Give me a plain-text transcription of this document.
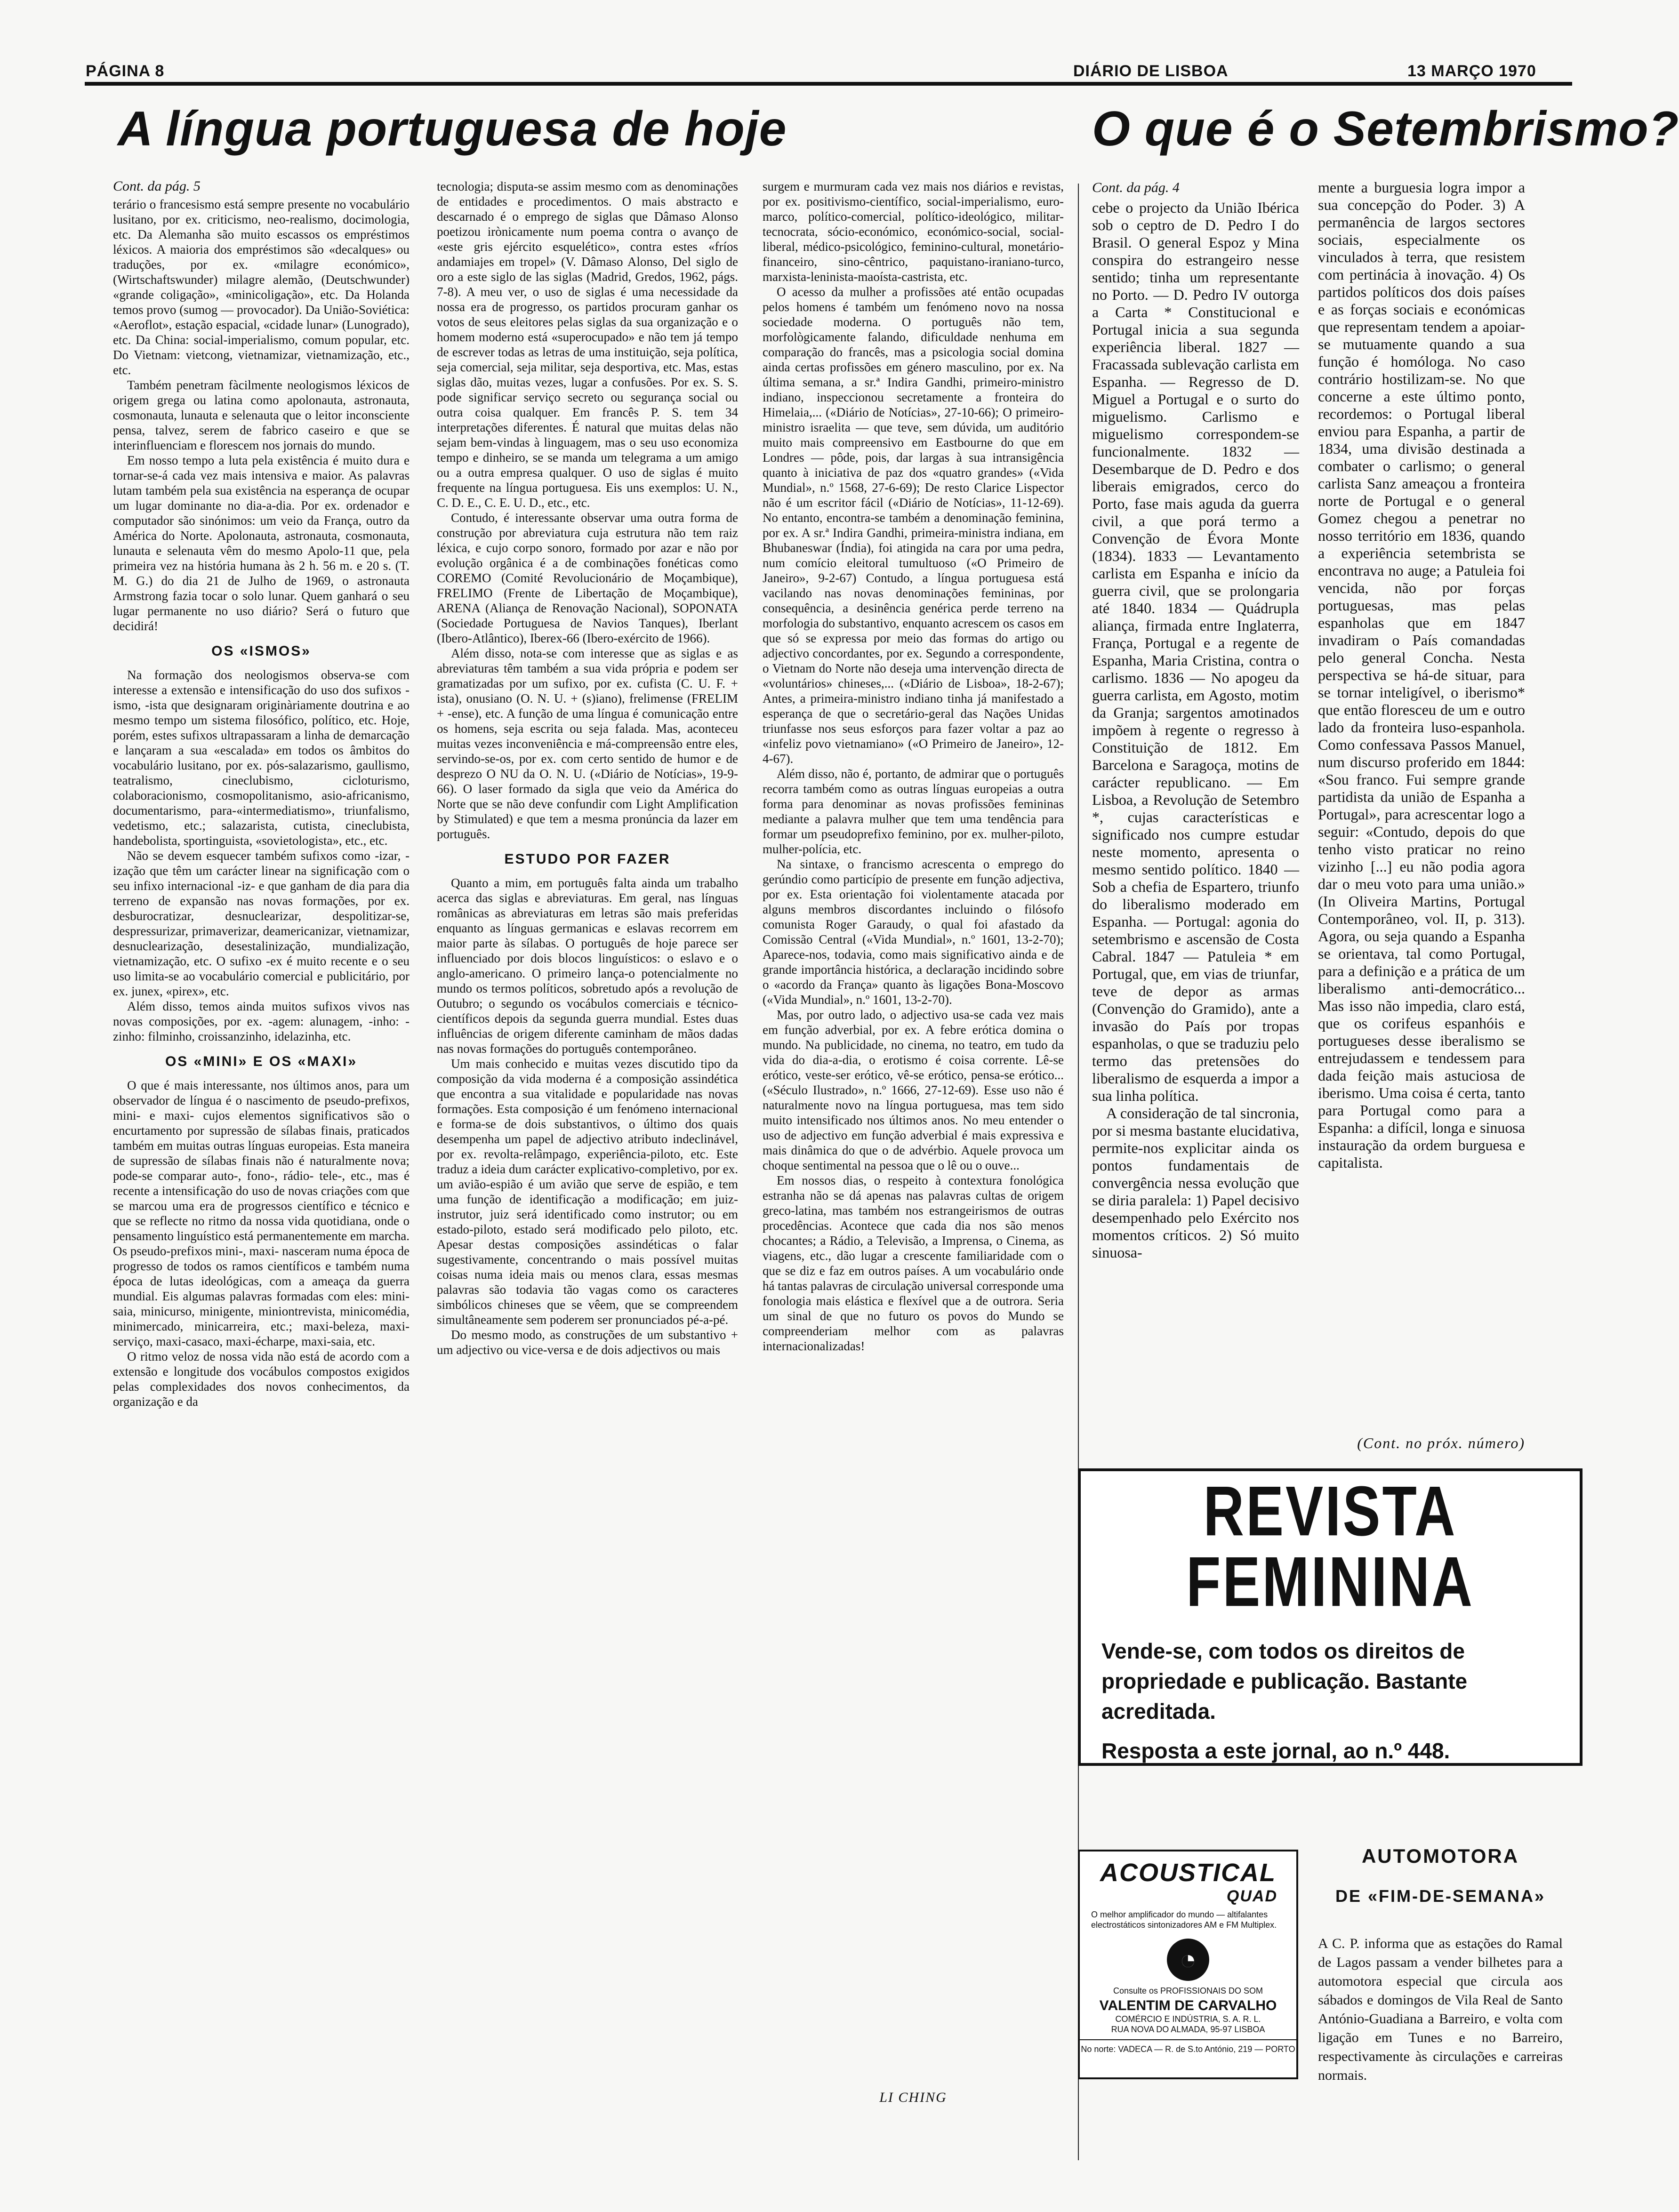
PÁGINA 8	DIÁRIO DE LISBOA	13 MARÇO 1970
A língua portuguesa de hoje	O que é o Setembrismo?
Cont. da pág. 5

terário o francesismo está sempre presente no vocabulário lusitano, por ex. criticismo, neo-realismo, docimologia, etc. Da Alemanha são muito escassos os empréstimos léxicos. A maioria dos empréstimos são «decalques» ou traduções, por ex. «milagre económico», (Wirtschaftswunder) milagre alemão, (Deutschwunder) «grande coligação», «minicoligação», etc. Da Holanda temos provo (sumog — provocador). Da União-Soviética: «Aeroflot», estação espacial, «cidade lunar» (Lunogrado), etc. Da China: social-imperialismo, comum popular, etc. Do Vietnam: vietcong, vietnamizar, vietnamização, etc., etc.

Também penetram fàcilmente neologismos léxicos de origem grega ou latina como apolonauta, astronauta, cosmonauta, lunauta e selenauta que o leitor inconsciente pensa, talvez, serem de fabrico caseiro e que se interinfluenciam e florescem nos jornais do mundo.

Em nosso tempo a luta pela existência é muito dura e tornar-se-á cada vez mais intensiva e maior. As palavras lutam também pela sua existência na esperança de ocupar um lugar dominante no dia-a-dia. Por ex. ordenador e computador são sinónimos: um veio da França, outro da América do Norte. Apolonauta, astronauta, cosmonauta, lunauta e selenauta vêm do mesmo Apolo-11 que, pela primeira vez na história humana às 2 h. 56 m. e 20 s. (T. M. G.) do dia 21 de Julho de 1969, o astronauta Armstrong fazia tocar o solo lunar. Quem ganhará o seu lugar permanente no uso diário? Será o futuro que decidirá!

OS «ISMOS»

Na formação dos neologismos observa-se com interesse a extensão e intensificação do uso dos sufixos -ismo, -ista que designaram originàriamente doutrina e ao mesmo tempo um sistema filosófico, político, etc. Hoje, porém, estes sufixos ultrapassaram a linha de demarcação e lançaram a sua «escalada» em todos os âmbitos do vocabulário lusitano, por ex. pós-salazarismo, gaullismo, teatralismo, cineclubismo, cicloturismo, colaboracionismo, cosmopolitanismo, asio-africanismo, documentarismo, para-«intermediatismo», triunfalismo, vedetismo, etc.; salazarista, cutista, cineclubista, handebolista, sportinguista, «sovietologista», etc., etc.

Não se devem esquecer também sufixos como -izar, -ização que têm um carácter linear na significação com o seu infixo internacional -iz- e que ganham de dia para dia terreno de expansão nas novas formações, por ex. desburocratizar, desnuclearizar, despolitizar-se, despressurizar, primaverizar, deamericanizar, vietnamizar, desnuclearização, desestalinização, mundialização, vietnamização, etc. O sufixo -ex é muito recente e o seu uso limita-se ao vocabulário comercial e publicitário, por ex. junex, «pirex», etc.

Além disso, temos ainda muitos sufixos vivos nas novas composições, por ex. -agem: alunagem, -inho: -zinho: filminho, croissanzinho, idelazinha, etc.

OS «MINI» E OS «MAXI»

O que é mais interessante, nos últimos anos, para um observador de língua é o nascimento de pseudo-prefixos, mini- e maxi- cujos elementos significativos são o encurtamento por supressão de sílabas finais, praticados também em muitas outras línguas europeias. Esta maneira de supressão de sílabas finais não é naturalmente nova; pode-se comparar auto-, fono-, rádio- tele-, etc., mas é recente a intensificação do uso de novas criações com que se marcou uma era de progressos científico e técnico e que se reflecte no ritmo da nossa vida quotidiana, onde o pensamento linguístico está permanentemente em marcha. Os pseudo-prefixos mini-, maxi- nasceram numa época de progresso de todos os ramos científicos e também numa época de lutas ideológicas, com a ameaça da guerra mundial. Eis algumas palavras formadas com eles: mini-saia, minicurso, minigente, miniontrevista, minicomédia, minimercado, minicarreira, etc.; maxi-beleza, maxi-serviço, maxi-casaco, maxi-écharpe, maxi-saia, etc.

O ritmo veloz de nossa vida não está de acordo com a extensão e longitude dos vocábulos compostos exigidos pelas complexidades dos novos conhecimentos, da organização e da

tecnologia; disputa-se assim mesmo com as denominações de entidades e procedimentos. O mais abstracto e descarnado é o emprego de siglas que Dâmaso Alonso poetizou irònicamente num poema contra o avanço de «este gris ejército esquelético», contra estes «fríos andamiajes em tropel» (V. Dâmaso Alonso, Del siglo de oro a este siglo de las siglas (Madrid, Gredos, 1962, págs. 7-8). A meu ver, o uso de siglas é uma necessidade da nossa era de progresso, os partidos procuram ganhar os votos de seus eleitores pelas siglas da sua organização e o homem moderno está «superocupado» e não tem já tempo de escrever todas as letras de uma instituição, seja política, seja comercial, seja militar, seja desportiva, etc. Mas, estas siglas dão, muitas vezes, lugar a confusões. Por ex. S. S. pode significar serviço secreto ou segurança social ou outra coisa qualquer. Em francês P. S. tem 34 interpretações diferentes. É natural que muitas delas não sejam bem-vindas à linguagem, mas o seu uso economiza tempo e dinheiro, se se manda um telegrama a um amigo ou a outra empresa qualquer. O uso de siglas é muito frequente na língua portuguesa. Eis uns exemplos: U. N., C. D. E., C. E. U. D., etc., etc.

Contudo, é interessante observar uma outra forma de construção por abreviatura cuja estrutura não tem raiz léxica, e cujo corpo sonoro, formado por azar e não por evolução orgânica é a de combinações fonéticas como COREMO (Comité Revolucionário de Moçambique), FRELIMO (Frente de Libertação de Moçambique), ARENA (Aliança de Renovação Nacional), SOPONATA (Sociedade Portuguesa de Navios Tanques), Iberlant (Ibero-Atlântico), Iberex-66 (Ibero-exército de 1966).

Além disso, nota-se com interesse que as siglas e as abreviaturas têm também a sua vida própria e podem ser gramatizadas por um sufixo, por ex. cufista (C. U. F. + ista), onusiano (O. N. U. + (s)iano), frelimense (FRELIM + -ense), etc. A função de uma língua é comunicação entre os homens, seja escrita ou seja falada. Mas, aconteceu muitas vezes inconveniência e má-compreensão entre eles, servindo-se-os, por ex. com certo sentido de humor e de desprezo O NU da O. N. U. («Diário de Notícias», 19-9-66). O laser formado da sigla que veio da América do Norte que se não deve confundir com Light Amplification by Stimulated) e que tem a mesma pronúncia da lazer em português.

ESTUDO POR FAZER

Quanto a mim, em português falta ainda um trabalho acerca das siglas e abreviaturas. Em geral, nas línguas românicas as abreviaturas em letras são mais preferidas enquanto as línguas germanicas e eslavas recorrem em maior parte às sílabas. O português de hoje parece ser influenciado por dois blocos linguísticos: o eslavo e o anglo-americano. O primeiro lança-o potencialmente no mundo os termos políticos, sobretudo após a revolução de Outubro; o segundo os vocábulos comerciais e técnico-científicos depois da segunda guerra mundial. Estes duas influências de origem diferente caminham de mãos dadas nas novas formações do português contemporâneo.

Um mais conhecido e muitas vezes discutido tipo da composição da vida moderna é a composição assindética que encontra a sua vitalidade e popularidade nas novas formações. Esta composição é um fenómeno internacional e forma-se de dois substantivos, o último dos quais desempenha um papel de adjectivo atributo indeclinável, por ex. revolta-relâmpago, experiência-piloto, etc. Este traduz a ideia dum carácter explicativo-completivo, por ex. um avião-espião é um avião que serve de espião, e tem uma função de identificação a modificação; em juiz-instrutor, juiz será identificado como instrutor; ou em estado-piloto, estado será modificado pelo piloto, etc. Apesar destas composições assindéticas o falar sugestivamente, concentrando o mais possível muitas coisas numa ideia mais ou menos clara, essas mesmas palavras são todavia tão vagas como os caracteres simbólicos chineses que se vêem, que se compreendem simultâneamente sem poderem ser pronunciados pé-a-pé.

Do mesmo modo, as construções de um substantivo + um adjectivo ou vice-versa e de dois adjectivos ou mais

surgem e murmuram cada vez mais nos diários e revistas, por ex. positivismo-científico, social-imperialismo, euro-marco, político-comercial, político-ideológico, militar-tecnocrata, sócio-económico, económico-social, social-liberal, médico-psicológico, feminino-cultural, monetário-financeiro, sino-cêntrico, paquistano-iraniano-turco, marxista-leninista-maoísta-castrista, etc.

O acesso da mulher a profissões até então ocupadas pelos homens é também um fenómeno novo na nossa sociedade moderna. O português não tem, morfològicamente falando, dificuldade nenhuma em comparação do francês, mas a psicologia social domina ainda certas profissões em género masculino, por ex. Na última semana, a sr.ª Indira Gandhi, primeiro-ministro indiano, inspeccionou secretamente a fronteira do Himelaia,... («Diário de Notícias», 27-10-66); O primeiro-ministro israelita — que teve, sem dúvida, um auditório muito mais compreensivo em Eastbourne do que em Londres — pôde, pois, dar largas à sua intransigência quanto à iniciativa de paz dos «quatro grandes» («Vida Mundial», n.º 1568, 27-6-69); De resto Clarice Lispector não é um escritor fácil («Diário de Notícias», 11-12-69). No entanto, encontra-se também a denominação feminina, por ex. A sr.ª Indira Gandhi, primeira-ministra indiana, em Bhubaneswar (Índia), foi atingida na cara por uma pedra, num comício eleitoral tumultuoso («O Primeiro de Janeiro», 9-2-67) Contudo, a língua portuguesa está vacilando nas novas denominações femininas, por consequência, a desinência genérica perde terreno na morfologia do substantivo, enquanto acrescem os casos em que só se expressa por meio das formas do artigo ou adjectivo concordantes, por ex. Segundo a correspondente, o Vietnam do Norte não deseja uma intervenção directa de «voluntários» chineses,... («Diário de Lisboa», 18-2-67); Antes, a primeira-ministro indiano tinha já manifestado a esperança de que o secretário-geral das Nações Unidas triunfasse nos seus esforços para fazer voltar a paz ao «infeliz povo vietnamiano» («O Primeiro de Janeiro», 12-4-67).

Além disso, não é, portanto, de admirar que o português recorra também como as outras línguas europeias a outra forma para denominar as novas profissões femininas mediante a palavra mulher que tem uma tendência para formar um pseudoprefixo feminino, por ex. mulher-piloto, mulher-polícia, etc.

Na sintaxe, o francismo acrescenta o emprego do gerúndio como particípio de presente em função adjectiva, por ex. Esta orientação foi violentamente atacada por alguns membros discordantes incluindo o filósofo comunista Roger Garaudy, o qual foi afastado da Comissão Central («Vida Mundial», n.º 1601, 13-2-70); Aparece-nos, todavia, como mais significativo ainda e de grande importância histórica, a declaração incidindo sobre o «acordo da França» quanto às ligações Bona-Moscovo («Vida Mundial», n.º 1601, 13-2-70).

Mas, por outro lado, o adjectivo usa-se cada vez mais em função adverbial, por ex. A febre erótica domina o mundo. Na publicidade, no cinema, no teatro, em tudo da vida do dia-a-dia, o erotismo é coisa corrente. Lê-se erótico, veste-ser erótico, vê-se erótico, pensa-se erótico... («Século Ilustrado», n.º 1666, 27-12-69). Esse uso não é naturalmente novo na língua portuguesa, mas tem sido muito intensificado nos últimos anos. No meu entender o uso de adjectivo em função adverbial é mais expressiva e mais dinâmica do que o de advérbio. Aquele provoca um choque sentimental na pessoa que o lê ou o ouve...

Em nossos dias, o respeito à contextura fonológica estranha não se dá apenas nas palavras cultas de origem greco-latina, mas também nos estrangeirismos de outras procedências. Acontece que cada dia nos são menos chocantes; a Rádio, a Televisão, a Imprensa, o Cinema, as viagens, etc., dão lugar a crescente familiaridade com o que se diz e faz em outros países. A um vocabulário onde há tantas palavras de circulação universal corresponde uma fonologia mais elástica e flexível que a de outrora. Seria um sinal de que no futuro os povos do Mundo se compreenderiam melhor com as palavras internacionalizadas!

LI CHING
Cont. da pág. 4

cebe o projecto da União Ibérica sob o ceptro de D. Pedro I do Brasil. O general Espoz y Mina conspira do estrangeiro nesse sentido; tinha um representante no Porto. — D. Pedro IV outorga a Carta * Constitucional e Portugal inicia a sua segunda experiência liberal. 1827 — Fracassada sublevação carlista em Espanha. — Regresso de D. Miguel a Portugal e o surto do miguelismo. Carlismo e miguelismo correspondem-se funcionalmente. 1832 — Desembarque de D. Pedro e dos liberais emigrados, cerco do Porto, fase mais aguda da guerra civil, a que porá termo a Convenção de Évora Monte (1834). 1833 — Levantamento carlista em Espanha e início da guerra civil, que se prolongaria até 1840. 1834 — Quádrupla aliança, firmada entre Inglaterra, França, Portugal e a regente de Espanha, Maria Cristina, contra o carlismo. 1836 — No apogeu da guerra carlista, em Agosto, motim da Granja; sargentos amotinados impõem à regente o regresso à Constituição de 1812. Em Barcelona e Saragoça, motins de carácter republicano. — Em Lisboa, a Revolução de Setembro *, cujas características e significado nos cumpre estudar neste momento, apresenta o mesmo sentido político. 1840 — Sob a chefia de Espartero, triunfo do liberalismo moderado em Espanha. — Portugal: agonia do setembrismo e ascensão de Costa Cabral. 1847 — Patuleia * em Portugal, que, em vias de triunfar, teve de depor as armas (Convenção do Gramido), ante a invasão do País por tropas espanholas, o que se traduziu pelo termo das pretensões do liberalismo de esquerda a impor a sua linha política.

A consideração de tal sincronia, por si mesma bastante elucidativa, permite-nos explicitar ainda os pontos fundamentais de convergência nessa evolução que se diria paralela: 1) Papel decisivo desempenhado pelo Exército nos momentos críticos. 2) Só muito sinuosa-

mente a burguesia logra impor a sua concepção do Poder. 3) A permanência de largos sectores sociais, especialmente os vinculados à terra, que resistem com pertinácia à inovação. 4) Os partidos políticos dos dois países e as forças sociais e económicas que representam tendem a apoiar-se mutuamente quando a sua função é homóloga. No caso contrário hostilizam-se. No que concerne a este último ponto, recordemos: o Portugal liberal enviou para Espanha, a partir de 1834, uma divisão destinada a combater o carlismo; o general carlista Sanz ameaçou a fronteira norte de Portugal e o general Gomez chegou a penetrar no nosso território em 1836, quando a experiência setembrista se encontrava no auge; a Patuleia foi vencida, não por forças portuguesas, mas pelas espanholas que em 1847 invadiram o País comandadas pelo general Concha. Nesta perspectiva se há-de situar, para se tornar inteligível, o iberismo* que então floresceu de um e outro lado da fronteira luso-espanhola. Como confessava Passos Manuel, num discurso proferido em 1844: «Sou franco. Fui sempre grande partidista da união de Espanha a Portugal», para acrescentar logo a seguir: «Contudo, depois do que tenho visto praticar no reino vizinho [...] eu não podia agora dar o meu voto para uma união.» (In Oliveira Martins, Portugal Contemporâneo, vol. II, p. 313). Agora, ou seja quando a Espanha se orientava, tal como Portugal, para a definição e a prática de um liberalismo anti-democrático... Mas isso não impedia, claro está, que os corifeus espanhóis e portugueses desse iberalismo se entrejudassem e tendessem para dada feição mais astuciosa de iberismo. Uma coisa é certa, tanto para Portugal como para a Espanha: a difícil, longa e sinuosa instauração da ordem burguesa e capitalista.

(Cont. no próx. número)
REVISTA FEMININA
Vende-se, com todos os direitos de propriedade e publicação. Bastante acreditada.
Resposta a este jornal, ao n.º 448.
ACOUSTICAL
QUAD
O melhor amplificador do mundo — altifalantes electrostáticos sintonizadores AM e FM Multiplex.
◔
Consulte os PROFISSIONAIS DO SOM
VALENTIM DE CARVALHO
COMÉRCIO E INDÚSTRIA, S. A. R. L.
RUA NOVA DO ALMADA, 95-97 LISBOA
No norte: VADECA — R. de S.to António, 219 — PORTO
AUTOMOTORA
DE «FIM-DE-SEMANA»
A C. P. informa que as estações do Ramal de Lagos passam a vender bilhetes para a automotora especial que circula aos sábados e domingos de Vila Real de Santo António-Guadiana a Barreiro, e volta com ligação em Tunes e no Barreiro, respectivamente às circulações e carreiras normais.
